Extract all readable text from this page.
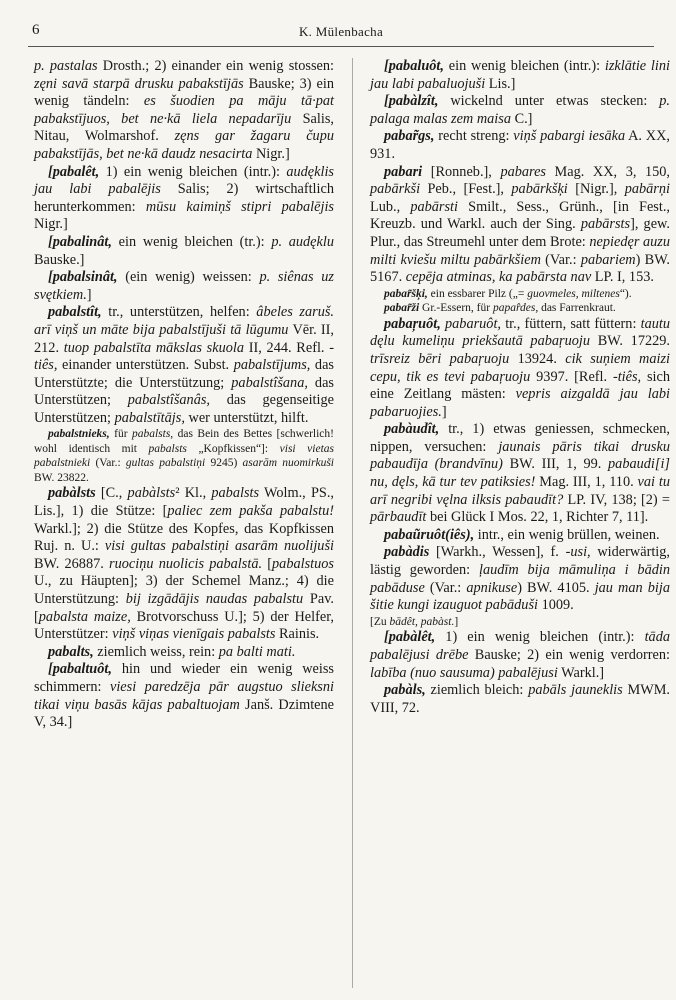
6	K. Mülenbacha

p. pastalas Drosth.; 2) einander ein wenig stossen: zęni savā starpā drusku pabakstījās Bauske; 3) ein wenig tändeln: es šuodien pa māju tā·pat pabakstījuos, bet ne·kā liela nepadarīju Salis, Nitau, Wolmarshof. zęns gar žagaru čupu pabakstījās, bet ne·kā daudz nesacirta Nigr.]

[pabalêt, 1) ein wenig bleichen (intr.): audęklis jau labi pabalējis Salis; 2) wirtschaftlich herunterkommen: mūsu kaimiņš stipri pabalējis Nigr.]

[pabalinât, ein wenig bleichen (tr.): p. audęklu Bauske.]

[pabalsinât, (ein wenig) weissen: p. siênas uz svętkiem.]

pabalstît, tr., unterstützen, helfen: âbeles zaruš. arī viņš un māte bija pabalstījuši tā lūgumu Vēr. II, 212. tuop pabalstīta mākslas skuola II, 244. Refl. -tiês, einander unterstützen. Subst. pabalstījums, das Unterstützte; die Unterstützung; pabalstîšana, das Unterstützen; pabalstîšanâs, das gegenseitige Unterstützen; pabalstītājs, wer unterstützt, hilft.

pabalstnieks, für pabalsts, das Bein des Bettes [schwerlich! wohl identisch mit pabalsts „Kopfkissen“]: visi vietas pabalstnieki (Var.: gultas pabalstiņi 9245) asarām nuomirkuši BW. 23822.

pabàlsts [C., pabàlsts² Kl., pabalsts Wolm., PS., Lis.], 1) die Stütze: [paliec zem pakša pabalstu! Warkl.]; 2) die Stütze des Kopfes, das Kopfkissen Ruj. n. U.: visi gultas pabalstiņi asarām nuolijuši BW. 26887. ruociņu nuolicis pabalstā. [pabalstuos U., zu Häupten]; 3) der Schemel Manz.; 4) die Unterstützung: bij izgādājis naudas pabalstu Pav. [pabalsta maize, Brotvorschuss U.]; 5) der Helfer, Unterstützer: viņš viņas vienīgais pabalsts Rainis.

pabalts, ziemlich weiss, rein: pa balti mati.

[pabaltuôt, hin und wieder ein wenig weiss schimmern: viesi paredzēja pār augstuo slieksni tikai viņu basās kājas pabaltuojam Janš. Dzimtene V, 34.]

[pabaluôt, ein wenig bleichen (intr.): izklātie lini jau labi pabaluojuši Lis.]

[pabàlzît, wickelnd unter etwas stecken: p. palaga malas zem maisa C.]

pabar̃gs, recht streng: viņš pabargi iesāka A. XX, 931.

pabari [Ronneb.], pabares Mag. XX, 3, 150, pabārkši Peb., [Fest.], pabārkšķi [Nigr.], pabārņi Lub., pabārsti Smilt., Sess., Grünh., [in Fest., Kreuzb. und Warkl. auch der Sing. pabārsts], gew. Plur., das Streumehl unter dem Brote: nepiedęr auzu milti kviešu miltu pabārkšiem (Var.: pabariem) BW. 5167. cepēja atminas, ka pabārsta nav LP. I, 153.

pabar̃šķi, ein essbarer Pilz („= guovmeles, miltenes“).

pabar̃ži Gr.-Essern, für papar̂des, das Farrenkraut.

pabaŗuôt, pabaruôt, tr., füttern, satt füttern: tautu dęlu kumeliņu priekšautā pabaŗuoju BW. 17229. trīsreiz bēri pabaŗuoju 13924. cik suņiem maizi cepu, tik es tevi pabaŗuoju 9397. [Refl. -tiês, sich eine Zeitlang mästen: vepris aizgaldā jau labi pabaruojies.]

pabàudît, tr., 1) etwas geniessen, schmecken, nippen, versuchen: jaunais pāris tikai drusku pabaudīja (brandvīnu) BW. III, 1, 99. pabaudi[i] nu, dęls, kā tur tev patiksies! Mag. III, 1, 110. vai tu arī negribi vęlna ilksis pabaudīt? LP. IV, 138; [2) = pārbaudīt bei Glück I Mos. 22, 1, Richter 7, 11].

pabaũruôt(iês), intr., ein wenig brüllen, weinen.

pabàdis [Warkh., Wessen], f. -usi, widerwärtig, lästig geworden: ļaudīm bija māmuliņa i bādin pabāduse (Var.: apnikuse) BW. 4105. jau man bija šitie kungi izauguot pabāduši 1009.

[Zu bādêt, pabàst.]

[pabàlêt, 1) ein wenig bleichen (intr.): tāda pabalējusi drēbe Bauske; 2) ein wenig verdorren: labība (nuo sausuma) pabalējusi Warkl.]

pabàls, ziemlich bleich: pabāls jauneklis MWM. VIII, 72.
